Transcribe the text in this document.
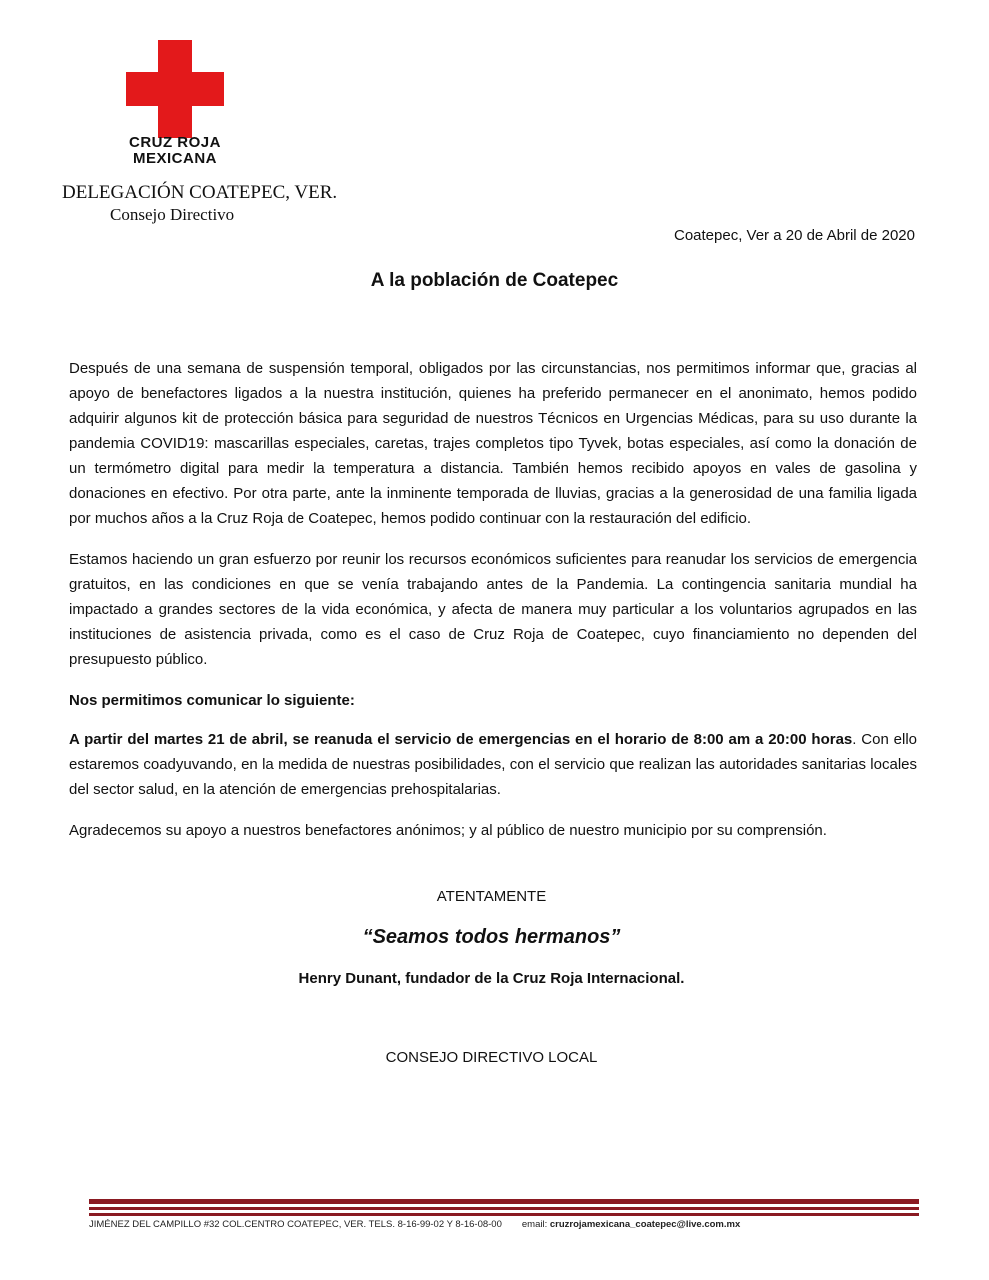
CRUZ ROJA
MEXICANA
DELEGACIÓN COATEPEC, VER.
Consejo Directivo
Coatepec, Ver a 20 de Abril de 2020
A la población de Coatepec

Después de una semana de suspensión temporal, obligados por las circunstancias, nos permitimos informar que, gracias al apoyo de benefactores ligados a la nuestra institución, quienes ha preferido permanecer en el anonimato, hemos podido adquirir algunos kit de protección básica para seguridad de nuestros Técnicos en Urgencias Médicas, para su uso durante la pandemia COVID19: mascarillas especiales, caretas, trajes completos tipo Tyvek, botas especiales, así como la donación de un termómetro digital para medir la temperatura a distancia. También hemos recibido apoyos en vales de gasolina y donaciones en efectivo. Por otra parte, ante la inminente temporada de lluvias, gracias a la generosidad de una familia ligada por muchos años a la Cruz Roja de Coatepec, hemos podido continuar con la restauración del edificio.

Estamos haciendo un gran esfuerzo por reunir los recursos económicos suficientes para reanudar los servicios de emergencia gratuitos, en las condiciones en que se venía trabajando antes de la Pandemia. La contingencia sanitaria mundial ha impactado a grandes sectores de la vida económica, y afecta de manera muy particular a los voluntarios agrupados en las instituciones de asistencia privada, como es el caso de Cruz Roja de Coatepec, cuyo financiamiento no dependen del presupuesto público.

Nos permitimos comunicar lo siguiente:

A partir del martes 21 de abril, se reanuda el servicio de emergencias en el horario de 8:00 am a 20:00 horas. Con ello estaremos coadyuvando, en la medida de nuestras posibilidades, con el servicio que realizan las autoridades sanitarias locales del sector salud, en la atención de emergencias prehospitalarias.

Agradecemos su apoyo a nuestros benefactores anónimos; y al público de nuestro municipio por su comprensión.

ATENTAMENTE
“Seamos todos hermanos”
Henry Dunant, fundador de la Cruz Roja Internacional.
CONSEJO DIRECTIVO LOCAL
JIMÉNEZ DEL CAMPILLO #32 COL.CENTRO COATEPEC, VER. TELS. 8-16-99-02 Y 8-16-08-00 email: cruzrojamexicana_coatepec@live.com.mx
